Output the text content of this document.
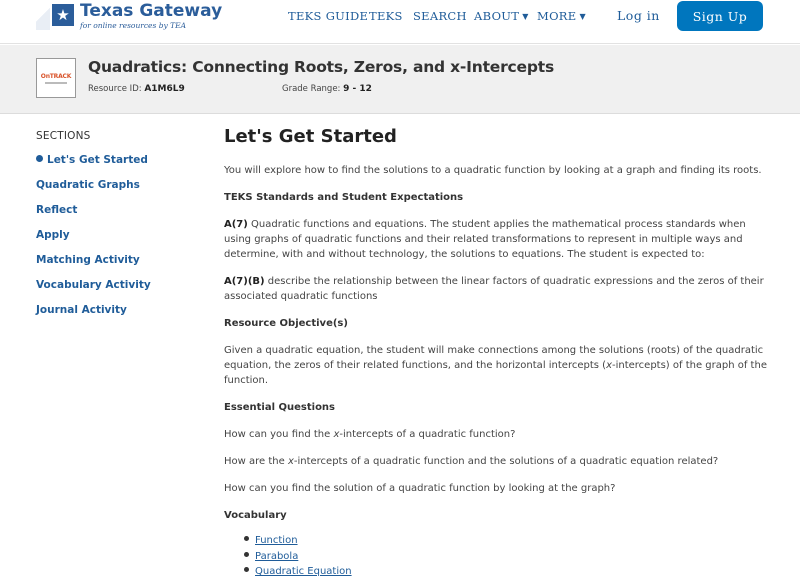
★ Texas Gateway
for online resources by TEA
TEKS GUIDE TEKS SEARCH ABOUT ▼ MORE ▼ Log in	Sign Up
OnTRACK Quadratics: Connecting Roots, Zeros, and x-Intercepts
Resource ID: A1M6L9	Grade Range: 9 - 12
SECTIONS
Let's Get Started
Quadratic Graphs
Reflect
Apply
Matching Activity
Vocabulary Activity
Journal Activity
Let's Get Started

You will explore how to find the solutions to a quadratic function by looking at a graph and finding its roots.

TEKS Standards and Student Expectations

A(7) Quadratic functions and equations. The student applies the mathematical process standards when using graphs of quadratic functions and their related transformations to represent in multiple ways and determine, with and without technology, the solutions to equations. The student is expected to:

A(7)(B) describe the relationship between the linear factors of quadratic expressions and the zeros of their associated quadratic functions

Resource Objective(s)

Given a quadratic equation, the student will make connections among the solutions (roots) of the quadratic equation, the zeros of their related functions, and the horizontal intercepts (x-intercepts) of the graph of the function.

Essential Questions

How can you find the x-intercepts of a quadratic function?

How are the x-intercepts of a quadratic function and the solutions of a quadratic equation related?

How can you find the solution of a quadratic function by looking at the graph?

Vocabulary
Function
Parabola
Quadratic Equation
